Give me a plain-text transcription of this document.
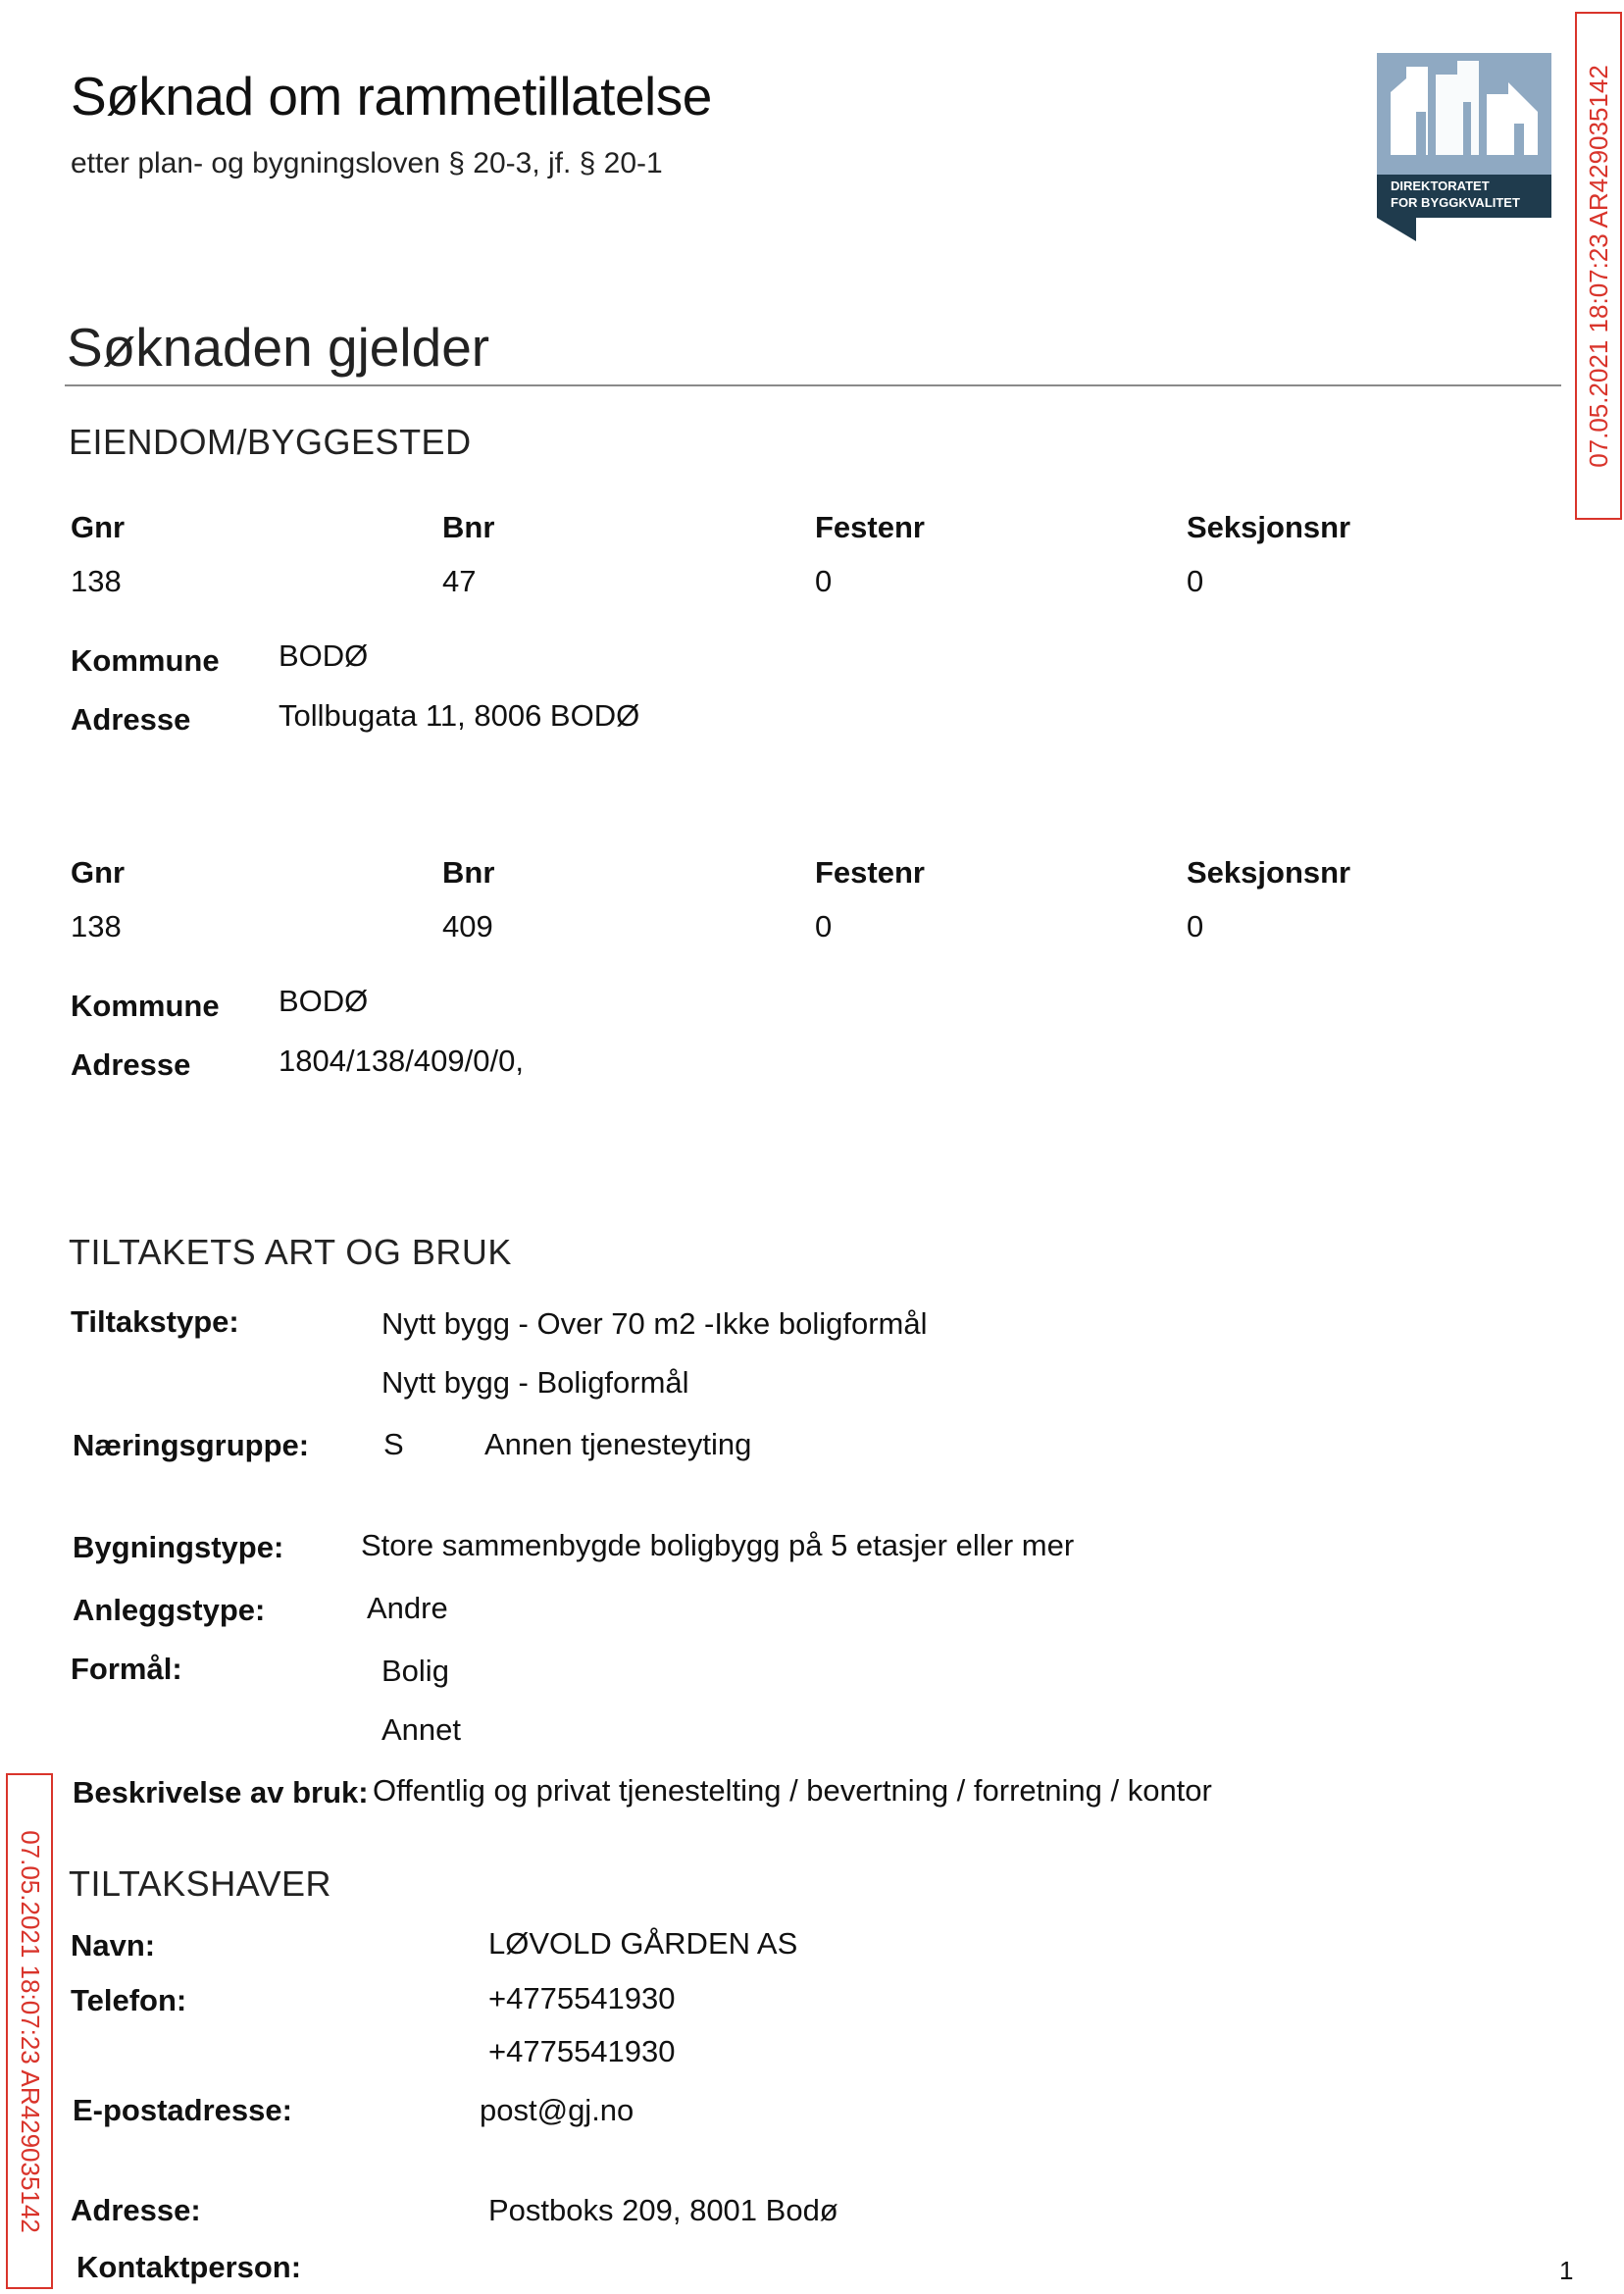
Søknad om rammetillatelse
etter plan- og bygningsloven § 20-3, jf. § 20-1
DIREKTORATET
FOR BYGGKVALITET 07.05.2021 18:07:23 AR429035142
07.05.2021 18:07:23 AR429035142
Søknaden gjelder
EIENDOM/BYGGESTED
Gnr	Bnr	Festenr	Seksjonsnr
138	47	0	0
Kommune BODØ
Adresse	Tollbugata 11, 8006 BODØ
Gnr	Bnr	Festenr	Seksjonsnr
138	409	0	0
Kommune BODØ
Adresse	1804/138/409/0/0,
TILTAKETS ART OG BRUK
Tiltakstype:	Nytt bygg - Over 70 m2 -Ikke boligformål
Nytt bygg - Boligformål
Næringsgruppe: S	Annen tjenesteyting
Bygningstype:	Store sammenbygde boligbygg på 5 etasjer eller mer
Anleggstype:	Andre
Formål:	Bolig
Annet
Beskrivelse av bruk: Offentlig og privat tjenestelting / bevertning / forretning / kontor
TILTAKSHAVER
Navn:	LØVOLD GÅRDEN AS
Telefon:	+4775541930
+4775541930
E-postadresse:	post@gj.no
Adresse:	Postboks 209, 8001 Bodø
Kontaktperson:	1
